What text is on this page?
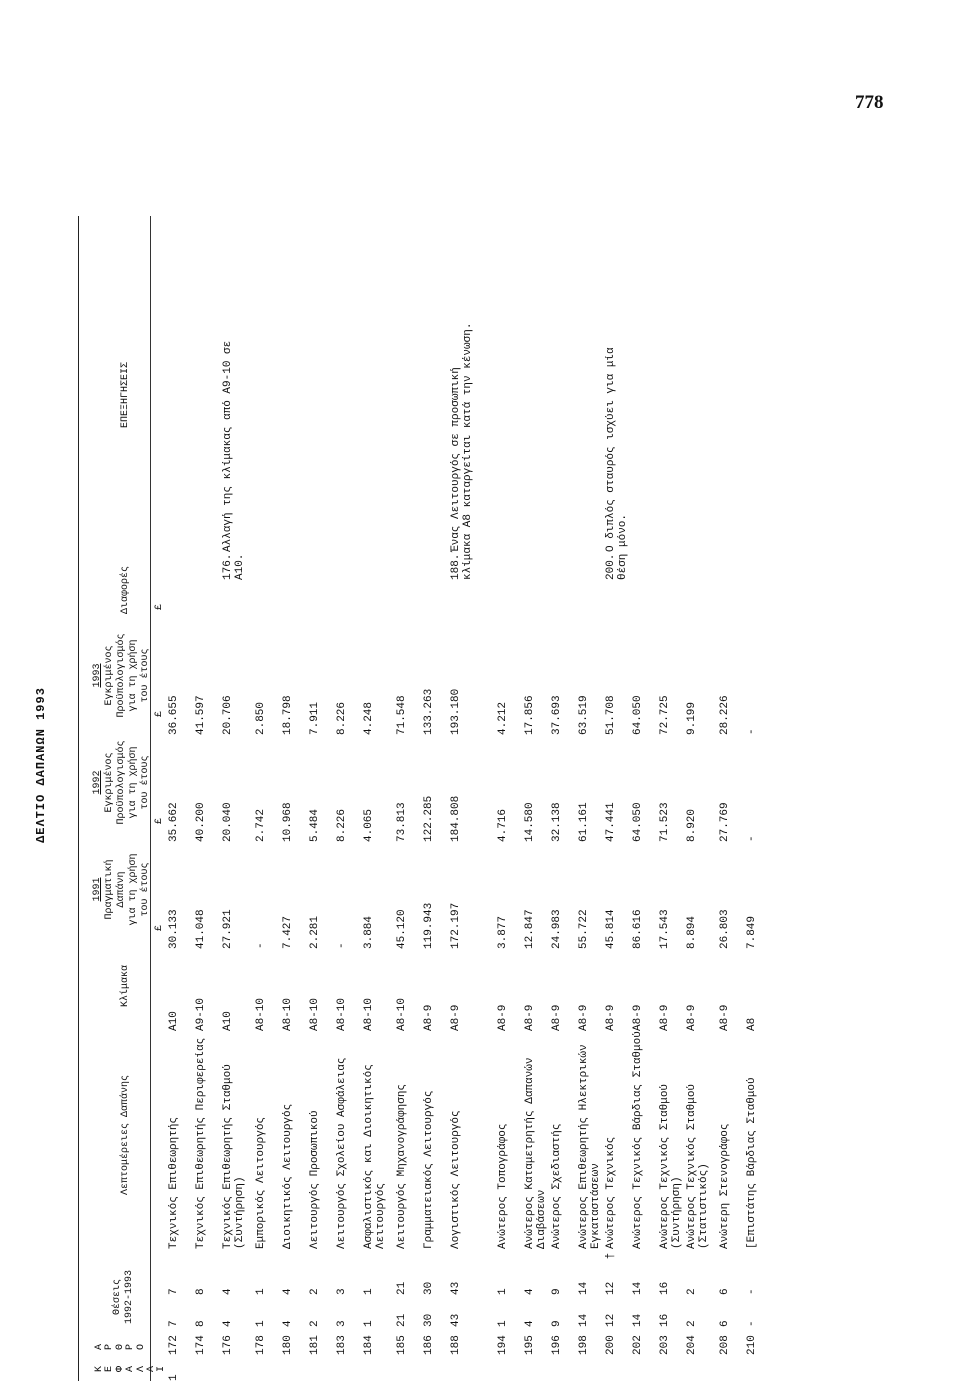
778
ΔΕΛΤΙΟ ΔΑΠΑΝΩΝ 1993
Κ Ε Φ Α Λ Α Ι
Α Ρ Θ Ρ Ο
Θέσεις 1992-1993
Λεπτομέρειες Δαπάνης
Κλίμακα
1991 Πραγματική Δαπάνη για τη χρήση του έτους
1992 Εγκριμένος Προϋπολογισμός για τη χρήση του έτους
1993 Εγκριμένος Προϋπολογισμός για τη χρήση του έτους
Διαφορές
ΕΠΕΞΗΓΗΣΕΙΣ
£
£
£
£
1	172	7	7		Τεχνικός Επιθεωρητής	Α10	30.133	35.662	36.655		
	174	8	8		Τεχνικός Επιθεωρητής Περιφερείας	Α9-10	41.048	40.200	41.597		
	176	4	4		Τεχνικός Επιθεωρητής Σταθμού (Συντήρηση)	Α10	27.921	20.040	20.706		176.Αλλαγή της κλίμακας από Α9-10 σε Α10.
	178	1	1		Εμπορικός Λειτουργός	Α8-10	-	2.742	2.850		
	180	4	4		Διοικητικός Λειτουργός	Α8-10	7.427	10.968	18.798		
	181	2	2		Λειτουργός Προσωπικού	Α8-10	2.281	5.484	7.911		
	183	3	3		Λειτουργός Σχολείου Ασφάλειας	Α8-10	-	8.226	8.226		
	184	1	1		Ασφαλιστικός και Διοικητικός Λειτουργός	Α8-10	3.884	4.065	4.248		
	185	21	21		Λειτουργός Μηχανογράφησης	Α8-10	45.120	73.813	71.548		
	186	30	30		Γραμματειακός Λειτουργός	Α8-9	119.943	122.285	133.263		
	188	43	43		Λογιστικός Λειτουργός	Α8-9	172.197	184.808	193.180		188.Ένας Λειτουργός σε προσωπική κλίμακα Α8 καταργείται κατά την κένωση.

	194	1	1		Ανώτερος Τοπογράφος	Α8-9	3.877	4.716	4.212		
	195	4	4		Ανώτερος Καταμετρητής Δαπανών Διαβάσεων	Α8-9	12.847	14.580	17.856		
	196	9	9		Ανώτερος Σχεδιαστής	Α8-9	24.983	32.138	37.693		
	198	14	14		Ανώτερος Επιθεωρητής Ηλεκτρικών Εγκαταστάσεων	Α8-9	55.722	61.161	63.519		
	200	12	12	†	Ανώτερος Τεχνικός	Α8-9	45.814	47.441	51.708		200.Ο διπλός σταυρός ισχύει για μία θέση μόνο.
	202	14	14		Ανώτερος Τεχνικός Βάρδιας Σταθμού	Α8-9	86.616	64.050	64.050		
	203	16	16		Ανώτερος Τεχνικός Σταθμού (Συντήρηση)	Α8-9	17.543	71.523	72.725		
	204	2	2		Ανώτερος Τεχνικός Σταθμού (Στατιστικός)	Α8-9	8.894	8.920	9.199		
	208	6	6		Ανώτερη Στενογράφος	Α8-9	26.803	27.769	28.226		
	210	-	-		[Επιστάτης Βάρδιας Σταθμού	Α8	7.849	-	-		
